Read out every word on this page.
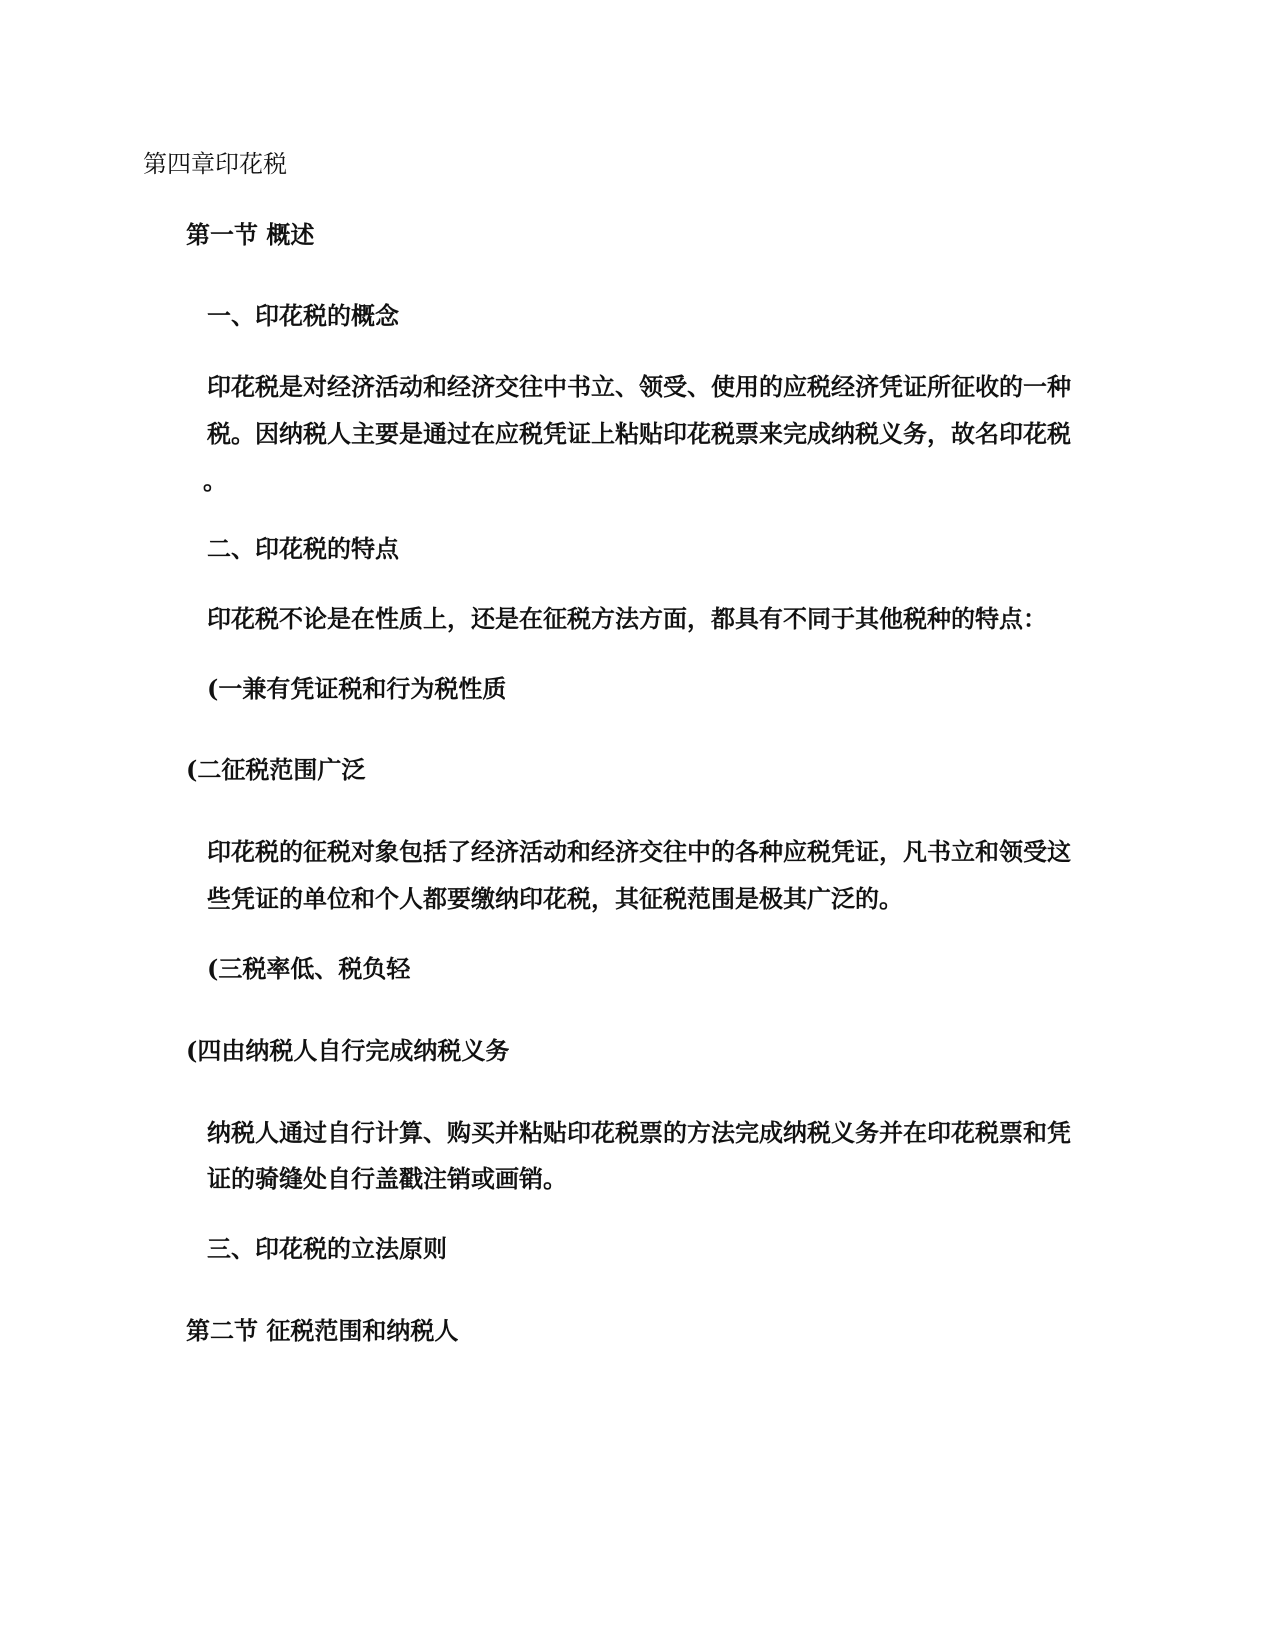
第四章印花税
第一节 概述
一、印花税的概念
印花税是对经济活动和经济交往中书立、领受、使用的应税经济凭证所征收的一种
税。因纳税人主要是通过在应税凭证上粘贴印花税票来完成纳税义务，故名印花税
。
二、印花税的特点
印花税不论是在性质上，还是在征税方法方面，都具有不同于其他税种的特点：
(一兼有凭证税和行为税性质
(二征税范围广泛
印花税的征税对象包括了经济活动和经济交往中的各种应税凭证，凡书立和领受这
些凭证的单位和个人都要缴纳印花税，其征税范围是极其广泛的。
(三税率低、税负轻
(四由纳税人自行完成纳税义务
纳税人通过自行计算、购买并粘贴印花税票的方法完成纳税义务并在印花税票和凭
证的骑缝处自行盖戳注销或画销。
三、印花税的立法原则
第二节 征税范围和纳税人
